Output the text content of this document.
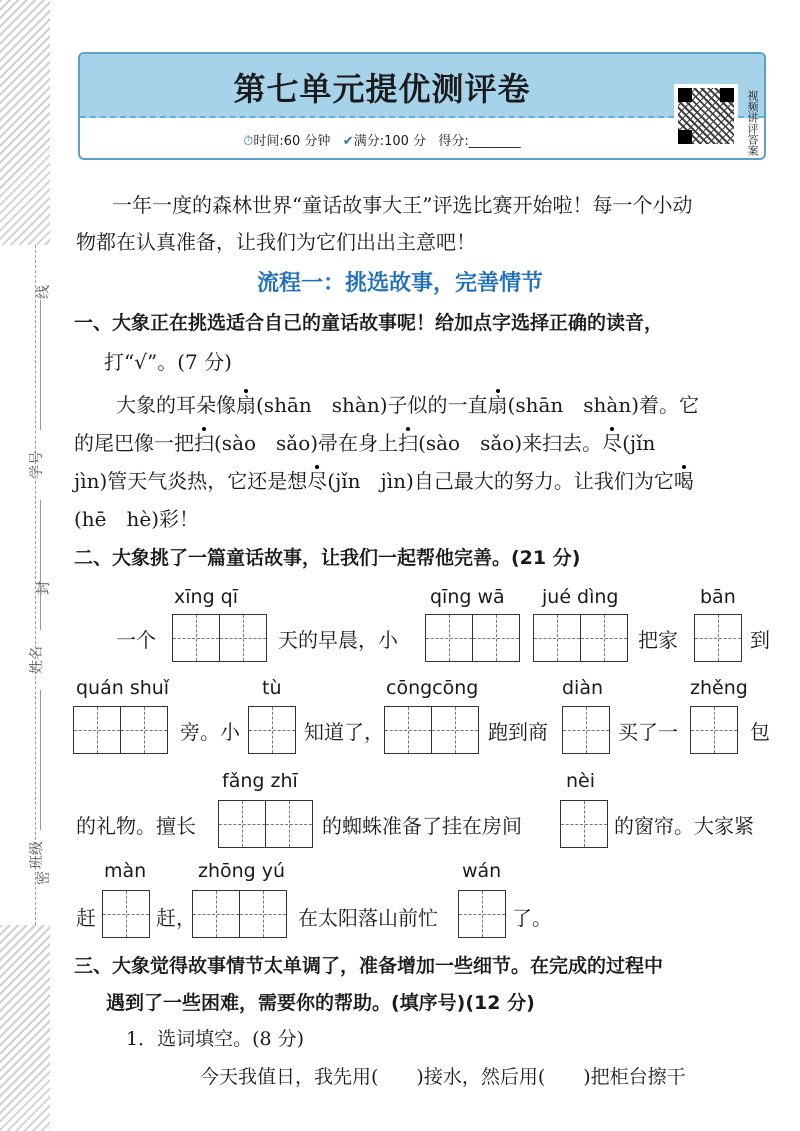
线
学号
封
姓名
班级
密
第七单元提优测评卷
⏱时间:60 分钟 ✔满分:100 分 得分:________	视频讲评答案
一年一度的森林世界“童话故事大王”评选比赛开始啦！每一个小动
物都在认真准备，让我们为它们出出主意吧！
流程一：挑选故事，完善情节
一、大象正在挑选适合自己的童话故事呢！给加点字选择正确的读音，
打“√”。(7 分)
大象的耳朵像扇(shān　shàn)子似的一直扇(shān　shàn)着。它
的尾巴像一把扫(sào　sǎo)帚在身上扫(sào　sǎo)来扫去。尽(jǐn
jìn)管天气炎热，它还是想尽(jǐn　jìn)自己最大的努力。让我们为它喝
(hē　hè)彩！
二、大象挑了一篇童话故事，让我们一起帮他完善。(21 分)
xīng qī	qīng wā jué dìng	bān
一个	天的早晨，小	把家	到
quán shuǐ	tù	cōngcōng	diàn	zhěng
旁。小	知道了，	跑到商	买了一	包
fǎng zhī	nèi
的礼物。擅长	的蜘蛛准备了挂在房间	的窗帘。大家紧
màn	zhōng yú	wán
赶	赶，	在太阳落山前忙	了。
三、大象觉得故事情节太单调了，准备增加一些细节。在完成的过程中
遇到了一些困难，需要你的帮助。(填序号)(12 分)
1．选词填空。(8 分)
今天我值日，我先用(　　)接水，然后用(　　)把柜台擦干
